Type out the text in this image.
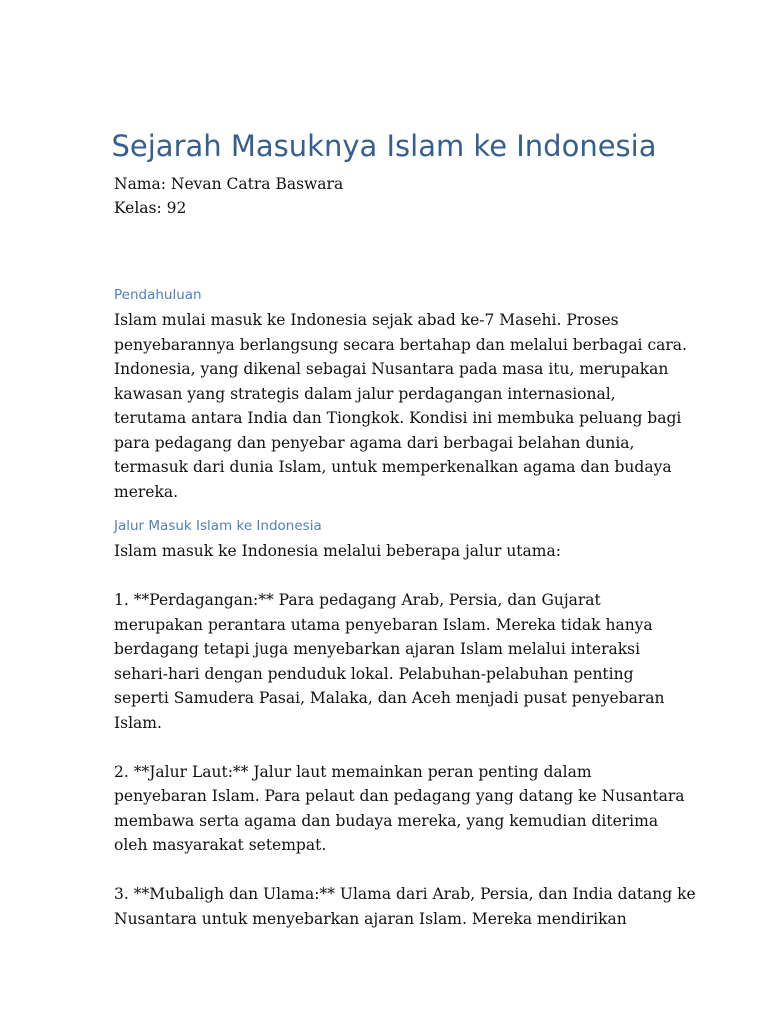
Sejarah Masuknya Islam ke Indonesia

Nama: Nevan Catra Baswara

Kelas: 92

Pendahuluan

Islam mulai masuk ke Indonesia sejak abad ke-7 Masehi. Proses

penyebarannya berlangsung secara bertahap dan melalui berbagai cara.

Indonesia, yang dikenal sebagai Nusantara pada masa itu, merupakan

kawasan yang strategis dalam jalur perdagangan internasional,

terutama antara India dan Tiongkok. Kondisi ini membuka peluang bagi

para pedagang dan penyebar agama dari berbagai belahan dunia,

termasuk dari dunia Islam, untuk memperkenalkan agama dan budaya

mereka.

Jalur Masuk Islam ke Indonesia

Islam masuk ke Indonesia melalui beberapa jalur utama:

1. **Perdagangan:** Para pedagang Arab, Persia, dan Gujarat

merupakan perantara utama penyebaran Islam. Mereka tidak hanya

berdagang tetapi juga menyebarkan ajaran Islam melalui interaksi

sehari-hari dengan penduduk lokal. Pelabuhan-pelabuhan penting

seperti Samudera Pasai, Malaka, dan Aceh menjadi pusat penyebaran

Islam.

2. **Jalur Laut:** Jalur laut memainkan peran penting dalam

penyebaran Islam. Para pelaut dan pedagang yang datang ke Nusantara

membawa serta agama dan budaya mereka, yang kemudian diterima

oleh masyarakat setempat.

3. **Mubaligh dan Ulama:** Ulama dari Arab, Persia, dan India datang ke

Nusantara untuk menyebarkan ajaran Islam. Mereka mendirikan
